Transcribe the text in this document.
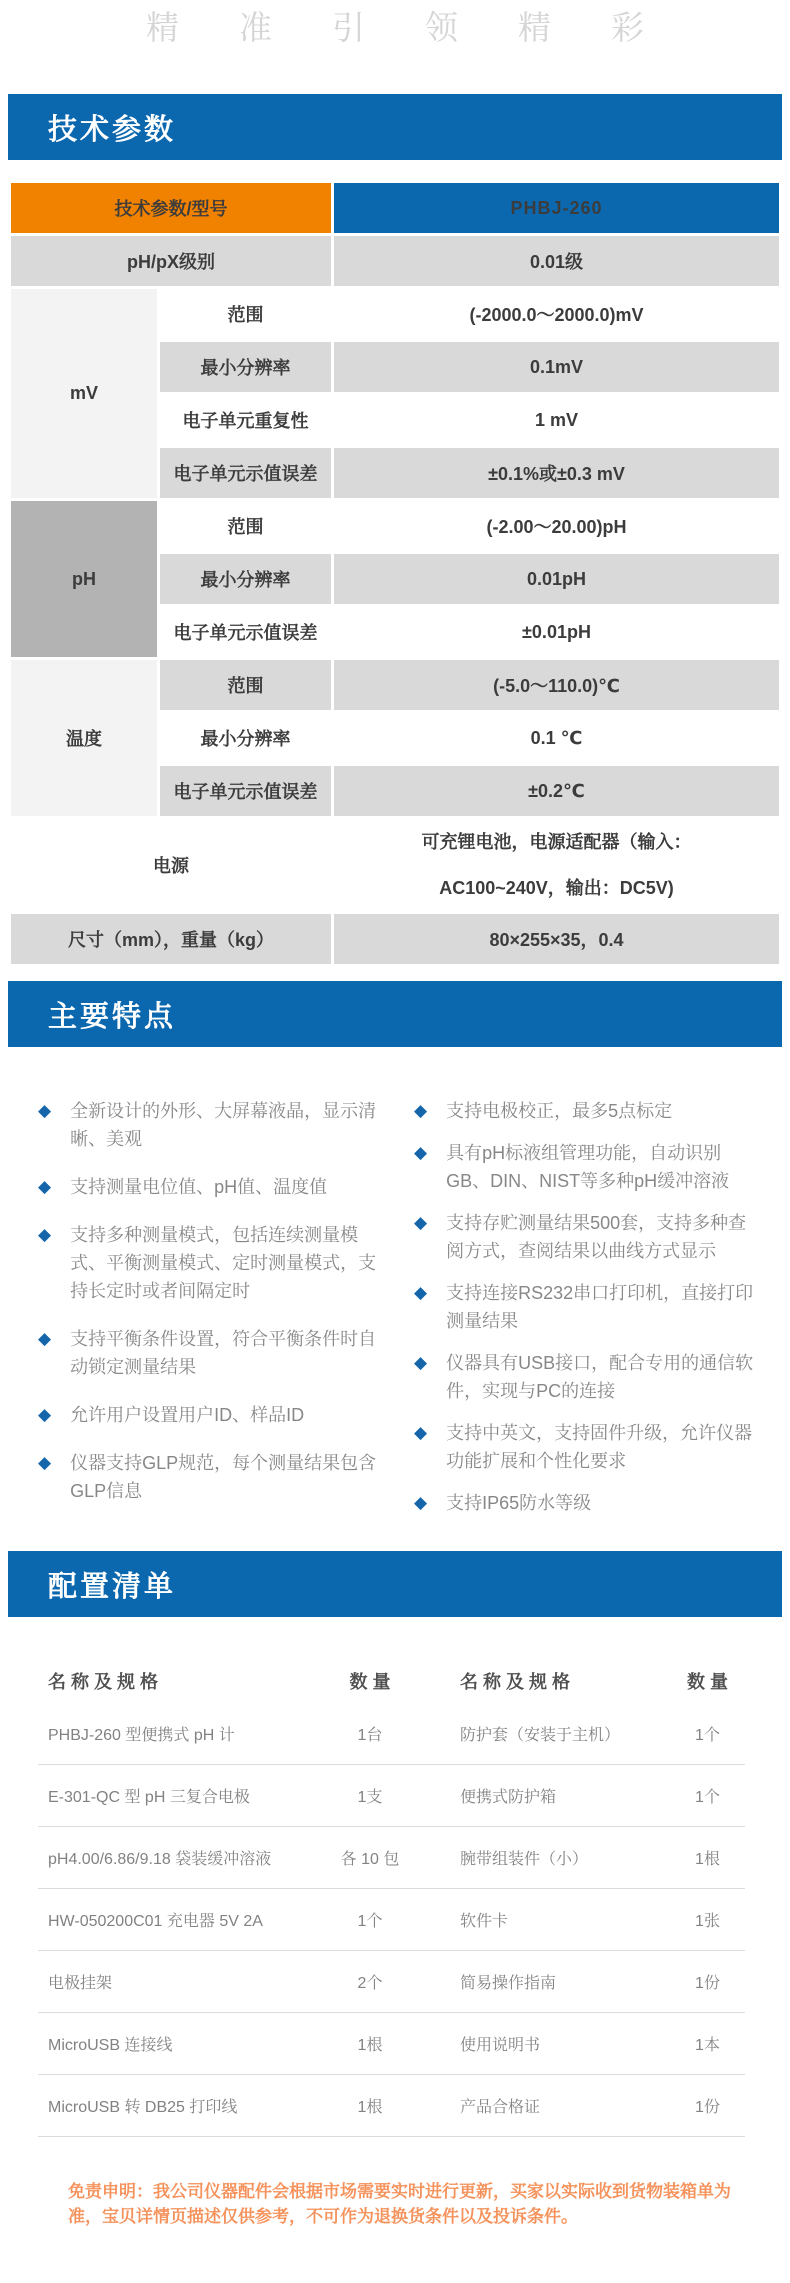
精准引领精彩
技术参数
技术参数/型号		PHBJ-260
pH/pX级别		0.01级
mV	范围	(-2000.0～2000.0)mV
	最小分辨率	0.1mV
	电子单元重复性	1 mV
	电子单元示值误差	±0.1%或±0.3 mV
pH	范围	(-2.00～20.00)pH
	最小分辨率	0.01pH
	电子单元示值误差	±0.01pH
温度	范围	(-5.0～110.0)℃
	最小分辨率	0.1 ℃
	电子单元示值误差	±0.2℃
电源		可充锂电池，电源适配器（输入：
AC100~240V，输出：DC5V)

尺寸（mm），重量（kg）		80×255×35，0.4
主要特点
◆ 全新设计的外形、大屏幕液晶，显示清晰、美观
◆ 支持测量电位值、pH值、温度值
◆ 支持多种测量模式，包括连续测量模式、平衡测量模式、定时测量模式，支持长定时或者间隔定时
◆ 支持平衡条件设置，符合平衡条件时自动锁定测量结果
◆ 允许用户设置用户ID、样品ID
◆ 仪器支持GLP规范，每个测量结果包含GLP信息
◆ 支持电极校正，最多5点标定
◆ 具有pH标液组管理功能，自动识别GB、DIN、NIST等多种pH缓冲溶液
◆ 支持存贮测量结果500套，支持多种查阅方式，查阅结果以曲线方式显示
◆ 支持连接RS232串口打印机，直接打印测量结果
◆ 仪器具有USB接口，配合专用的通信软件，实现与PC的连接
◆ 支持中英文，支持固件升级，允许仪器功能扩展和个性化要求
◆ 支持IP65防水等级
配置清单
名 称 及 规 格	数 量	名 称 及 规 格	数 量
PHBJ-260 型便携式 pH 计	1台	防护套（安装于主机）	1个
E-301-QC 型 pH 三复合电极	1支	便携式防护箱	1个
pH4.00/6.86/9.18 袋装缓冲溶液	各 10 包	腕带组装件（小）	1根
HW-050200C01 充电器 5V 2A	1个	软件卡	1张
电极挂架	2个	简易操作指南	1份
MicroUSB 连接线	1根	使用说明书	1本
MicroUSB 转 DB25 打印线	1根	产品合格证	1份
免责申明：我公司仪器配件会根据市场需要实时进行更新，买家以实际收到货物装箱单为准，宝贝详情页描述仅供参考，不可作为退换货条件以及投诉条件。
